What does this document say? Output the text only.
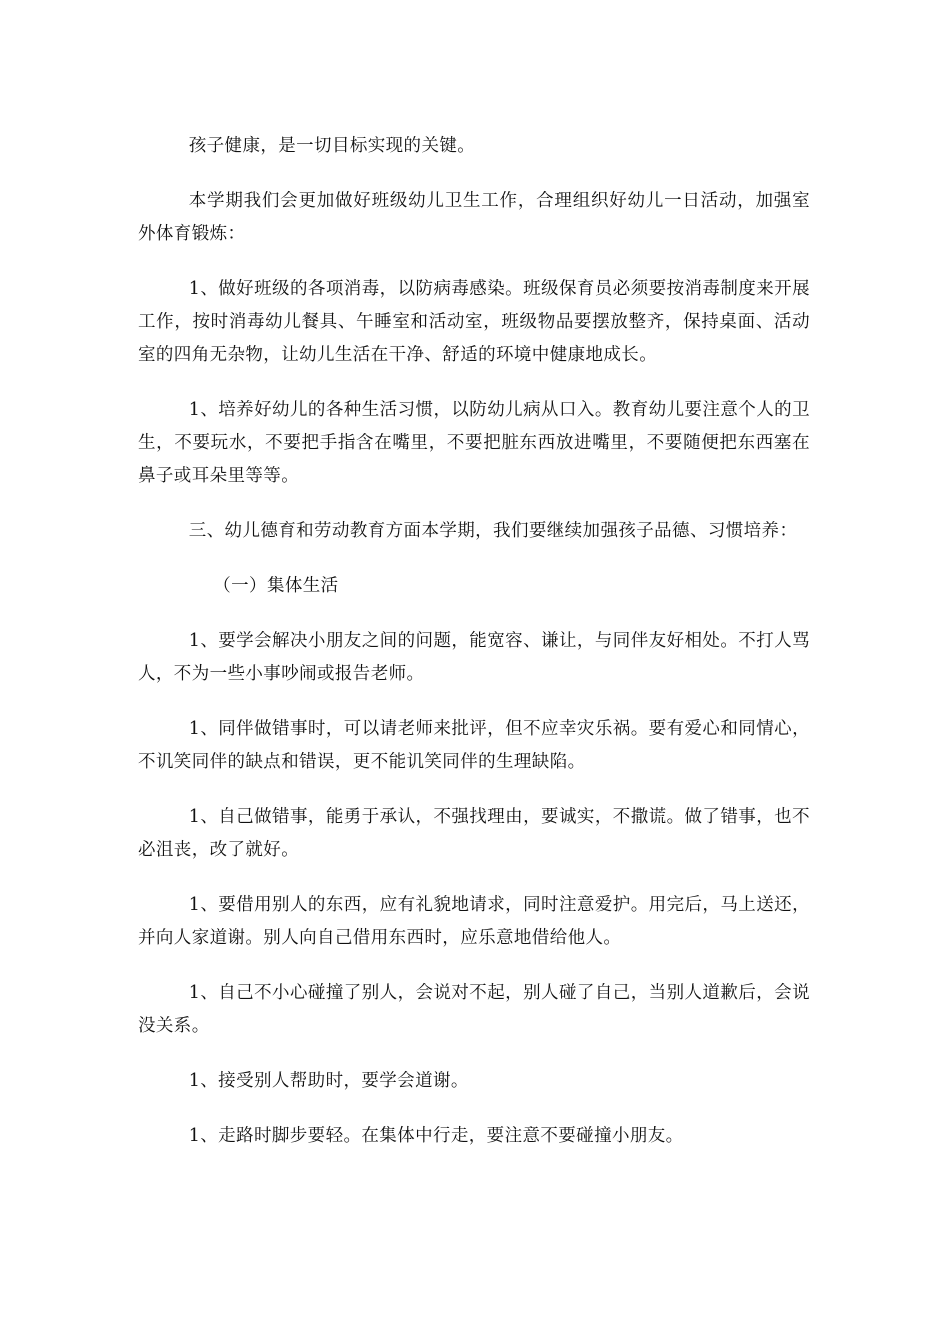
孩子健康，是一切目标实现的关键。

本学期我们会更加做好班级幼儿卫生工作，合理组织好幼儿一日活动，加强室外体育锻炼：

1、做好班级的各项消毒，以防病毒感染。班级保育员必须要按消毒制度来开展工作，按时消毒幼儿餐具、午睡室和活动室，班级物品要摆放整齐，保持桌面、活动室的四角无杂物，让幼儿生活在干净、舒适的环境中健康地成长。

1、培养好幼儿的各种生活习惯，以防幼儿病从口入。教育幼儿要注意个人的卫生，不要玩水，不要把手指含在嘴里，不要把脏东西放进嘴里，不要随便把东西塞在鼻子或耳朵里等等。

三、幼儿德育和劳动教育方面本学期，我们要继续加强孩子品德、习惯培养：

（一）集体生活

1、要学会解决小朋友之间的问题，能宽容、谦让，与同伴友好相处。不打人骂人，不为一些小事吵闹或报告老师。

1、同伴做错事时，可以请老师来批评，但不应幸灾乐祸。要有爱心和同情心，不讥笑同伴的缺点和错误，更不能讥笑同伴的生理缺陷。

1、自己做错事，能勇于承认，不强找理由，要诚实，不撒谎。做了错事，也不必沮丧，改了就好。

1、要借用别人的东西，应有礼貌地请求，同时注意爱护。用完后，马上送还，并向人家道谢。别人向自己借用东西时，应乐意地借给他人。

1、自己不小心碰撞了别人，会说对不起，别人碰了自己，当别人道歉后，会说没关系。

1、接受别人帮助时，要学会道谢。

1、走路时脚步要轻。在集体中行走，要注意不要碰撞小朋友。
